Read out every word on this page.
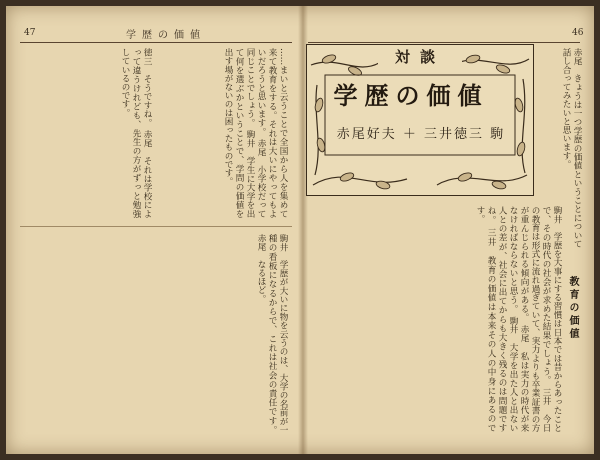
47	学歴の価値
……まいと云うことで全国から人を集めて来て教育をする。それは大いにやってもよいだろうと思います。 赤尾　小学校だって同じことでしょう。 駒井　学生に大学を出て何を選ぶかということで、学問の価値を出す場がないのは困ったものです。
徳三　そうですね。 赤尾　それは学校によって違うけれども、先生の方がずっと勉強しているのです。
駒井　学歴が大いに物を云うのは、大学の名前が一種の看板になるからで、これは社会の責任です。 赤尾　なるほど。
46
赤尾　きょうは一つ学歴の価値ということについて話し合ってみたいと思います。
駒井　学歴を大事にする習慣は日本では昔からあったことで、その時代の社会が求めた結果でしょう。 三井　今日の教育は形式に流れ過ぎていて、実力よりも卒業証書の方が重んじられる傾向がある。 赤尾　私は実力の時代が来なければならないと思う。 駒井　大学を出た人と出ない人との差が、社会に出てからも大きく残るのは問題ですね。 三井　教育の価値は本来その人の中身にあるのです。
教育の価値
対談
学歴の価値
赤尾好夫 ＋ 三井徳三 駒
